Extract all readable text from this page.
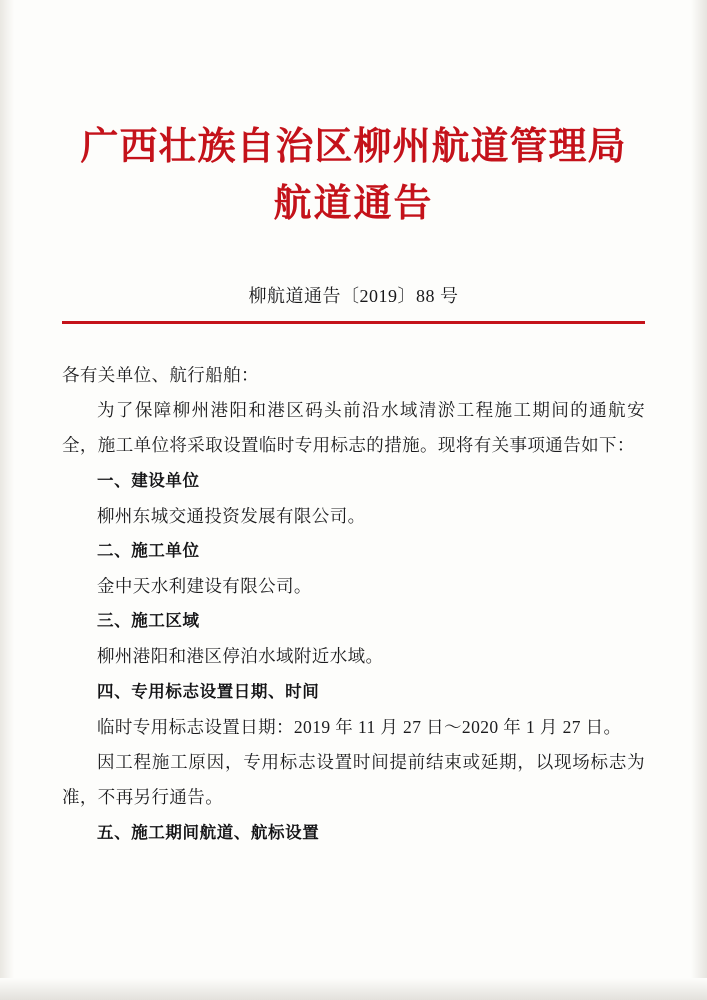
广西壮族自治区柳州航道管理局
航道通告
柳航道通告〔2019〕88 号

各有关单位、航行船舶：

为了保障柳州港阳和港区码头前沿水域清淤工程施工期间的通航安全，施工单位将采取设置临时专用标志的措施。现将有关事项通告如下：

一、建设单位

柳州东城交通投资发展有限公司。

二、施工单位

金中天水利建设有限公司。

三、施工区域

柳州港阳和港区停泊水域附近水域。

四、专用标志设置日期、时间

临时专用标志设置日期：2019 年 11 月 27 日～2020 年 1 月 27 日。

因工程施工原因，专用标志设置时间提前结束或延期，以现场标志为准，不再另行通告。

五、施工期间航道、航标设置
